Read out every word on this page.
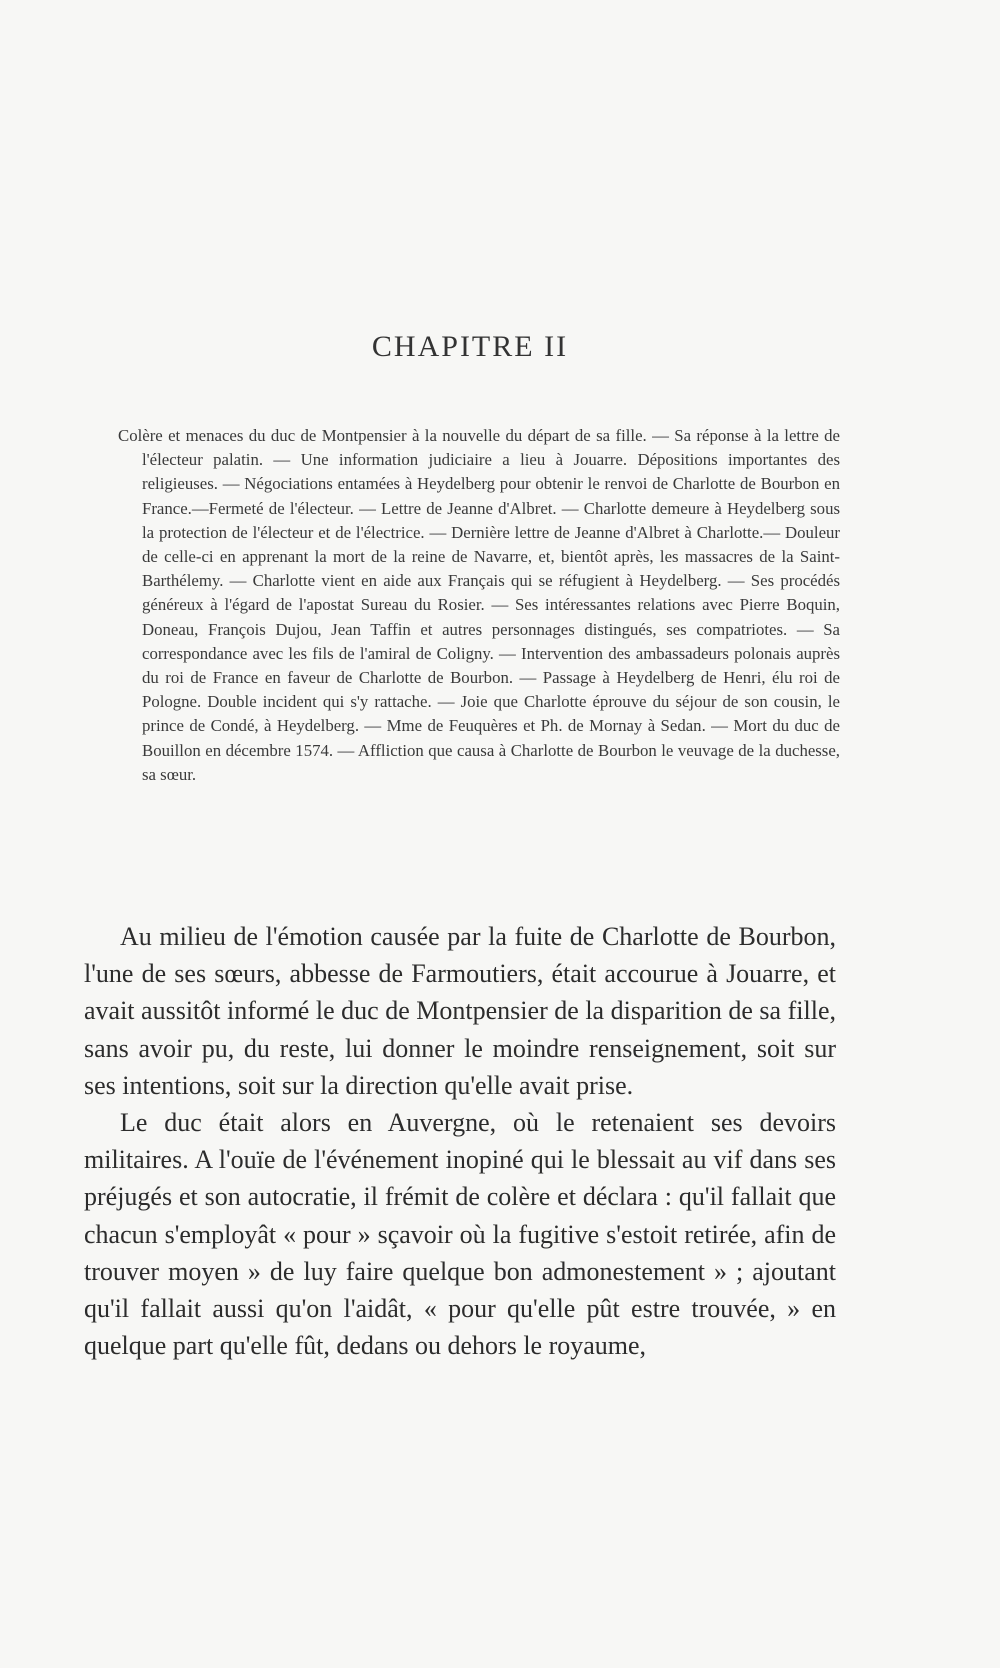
CHAPITRE II

Colère et menaces du duc de Montpensier à la nouvelle du départ de sa fille. — Sa réponse à la lettre de l'électeur palatin. — Une information judiciaire a lieu à Jouarre. Dépositions importantes des religieuses. — Négociations entamées à Heydelberg pour obtenir le renvoi de Charlotte de Bourbon en France.—Fermeté de l'électeur. — Lettre de Jeanne d'Albret. — Charlotte demeure à Heydelberg sous la protection de l'électeur et de l'électrice. — Dernière lettre de Jeanne d'Albret à Charlotte.— Douleur de celle-ci en apprenant la mort de la reine de Navarre, et, bientôt après, les massacres de la Saint-Barthélemy. — Charlotte vient en aide aux Français qui se réfugient à Heydelberg. — Ses procédés généreux à l'égard de l'apostat Sureau du Rosier. — Ses intéressantes relations avec Pierre Boquin, Doneau, François Dujou, Jean Taffin et autres personnages distingués, ses compatriotes. — Sa correspondance avec les fils de l'amiral de Coligny. — Intervention des ambassadeurs polonais auprès du roi de France en faveur de Charlotte de Bourbon. — Passage à Heydelberg de Henri, élu roi de Pologne. Double incident qui s'y rattache. — Joie que Charlotte éprouve du séjour de son cousin, le prince de Condé, à Heydelberg. — Mme de Feuquères et Ph. de Mornay à Sedan. — Mort du duc de Bouillon en décembre 1574. — Affliction que causa à Charlotte de Bourbon le veuvage de la duchesse, sa sœur.

Au milieu de l'émotion causée par la fuite de Charlotte de Bourbon, l'une de ses sœurs, abbesse de Farmoutiers, était accourue à Jouarre, et avait aussitôt informé le duc de Montpensier de la disparition de sa fille, sans avoir pu, du reste, lui donner le moindre renseignement, soit sur ses intentions, soit sur la direction qu'elle avait prise.

Le duc était alors en Auvergne, où le retenaient ses devoirs militaires. A l'ouïe de l'événement inopiné qui le blessait au vif dans ses préjugés et son autocratie, il frémit de colère et déclara : qu'il fallait que chacun s'employât « pour » sçavoir où la fugitive s'estoit retirée, afin de trouver moyen » de luy faire quelque bon admonestement » ; ajoutant qu'il fallait aussi qu'on l'aidât, « pour qu'elle pût estre trouvée, » en quelque part qu'elle fût, dedans ou dehors le royaume,
